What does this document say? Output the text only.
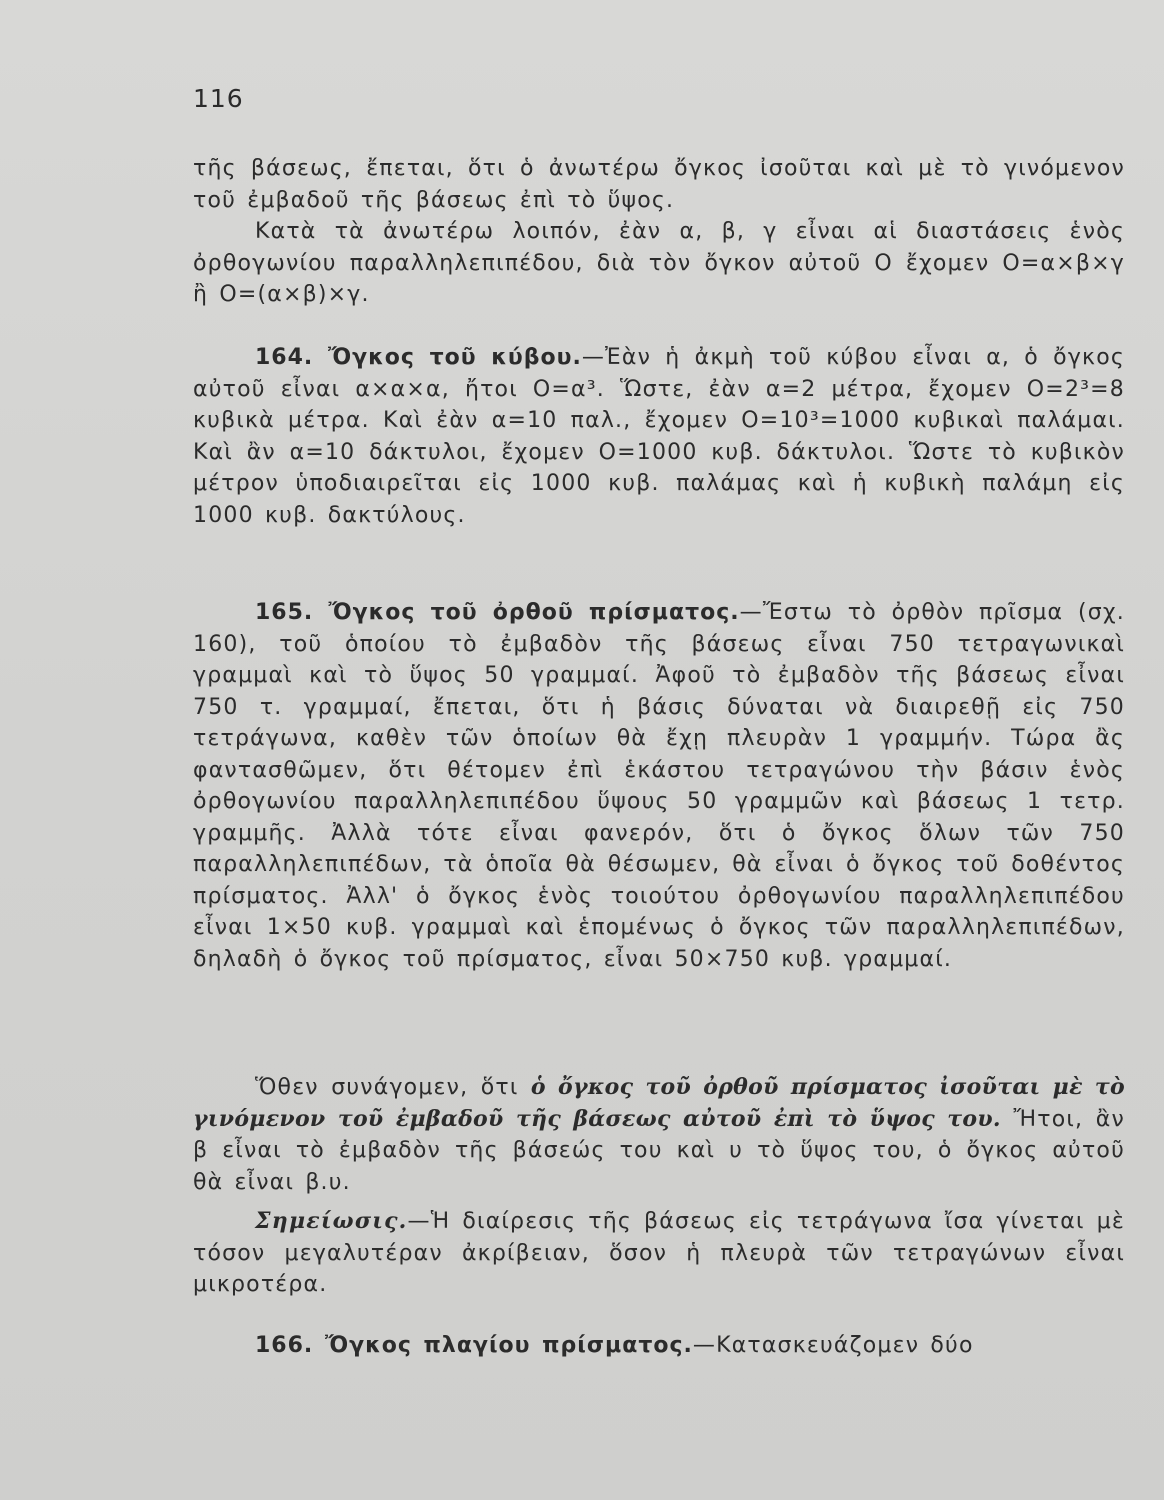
116

τῆς βάσεως, ἔπεται, ὅτι ὁ ἀνωτέρω ὄγκος ἰσοῦται καὶ μὲ τὸ γινόμενον τοῦ ἐμβαδοῦ τῆς βάσεως ἐπὶ τὸ ὕψος.

Κατὰ τὰ ἀνωτέρω λοιπόν, ἐὰν α, β, γ εἶναι αἱ διαστάσεις ἑνὸς ὀρθογωνίου παραλληλεπιπέδου, διὰ τὸν ὄγκον αὐτοῦ Ο ἔχομεν Ο=α×β×γ ἢ Ο=(α×β)×γ.

164. Ὄγκος τοῦ κύβου.—Ἐὰν ἡ ἀκμὴ τοῦ κύβου εἶναι α, ὁ ὄγκος αὐτοῦ εἶναι α×α×α, ἤτοι Ο=α³. Ὥστε, ἐὰν α=2 μέτρα, ἔχομεν Ο=2³=8 κυβικὰ μέτρα. Καὶ ἐὰν α=10 παλ., ἔχομεν Ο=10³=1000 κυβικαὶ παλάμαι. Καὶ ἂν α=10 δάκτυλοι, ἔχομεν Ο=1000 κυβ. δάκτυλοι. Ὥστε τὸ κυβικὸν μέτρον ὑποδιαιρεῖται εἰς 1000 κυβ. παλάμας καὶ ἡ κυβικὴ παλάμη εἰς 1000 κυβ. δακτύλους.

165. Ὄγκος τοῦ ὀρθοῦ πρίσματος.—Ἔστω τὸ ὀρθὸν πρῖσμα (σχ. 160), τοῦ ὁποίου τὸ ἐμβαδὸν τῆς βάσεως εἶναι 750 τετραγωνικαὶ γραμμαὶ καὶ τὸ ὕψος 50 γραμμαί. Ἀφοῦ τὸ ἐμβαδὸν τῆς βάσεως εἶναι 750 τ. γραμμαί, ἔπεται, ὅτι ἡ βάσις δύναται νὰ διαιρεθῇ εἰς 750 τετράγωνα, καθὲν τῶν ὁποίων θὰ ἔχῃ πλευρὰν 1 γραμμήν. Τώρα ἂς φαντασθῶμεν, ὅτι θέτομεν ἐπὶ ἑκάστου τετραγώνου τὴν βάσιν ἑνὸς ὀρθογωνίου παραλληλεπιπέδου ὕψους 50 γραμμῶν καὶ βάσεως 1 τετρ. γραμμῆς. Ἀλλὰ τότε εἶναι φανερόν, ὅτι ὁ ὄγκος ὅλων τῶν 750 παραλληλεπιπέδων, τὰ ὁποῖα θὰ θέσωμεν, θὰ εἶναι ὁ ὄγκος τοῦ δοθέντος πρίσματος. Ἀλλ' ὁ ὄγκος ἑνὸς τοιούτου ὀρθογωνίου παραλληλεπιπέδου εἶναι 1×50 κυβ. γραμμαὶ καὶ ἑπομένως ὁ ὄγκος τῶν παραλληλεπιπέδων, δηλαδὴ ὁ ὄγκος τοῦ πρίσματος, εἶναι 50×750 κυβ. γραμμαί.

Ὅθεν συνάγομεν, ὅτι ὁ ὄγκος τοῦ ὀρθοῦ πρίσματος ἰσοῦται μὲ τὸ γινόμενον τοῦ ἐμβαδοῦ τῆς βάσεως αὐτοῦ ἐπὶ τὸ ὕψος του. Ἤτοι, ἂν β εἶναι τὸ ἐμβαδὸν τῆς βάσεώς του καὶ υ τὸ ὕψος του, ὁ ὄγκος αὐτοῦ θὰ εἶναι β.υ.

Σημείωσις.—Ἡ διαίρεσις τῆς βάσεως εἰς τετράγωνα ἴσα γίνεται μὲ τόσον μεγαλυτέραν ἀκρίβειαν, ὅσον ἡ πλευρὰ τῶν τετραγώνων εἶναι μικροτέρα.

166. Ὄγκος πλαγίου πρίσματος.—Κατασκευάζομεν δύο
